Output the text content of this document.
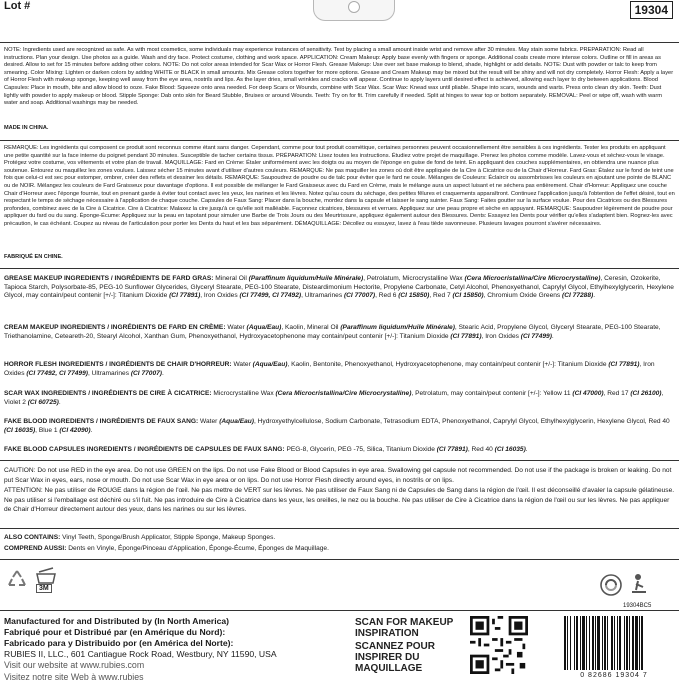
Lot #	19304

NOTE: Ingredients used are recognized as safe. As with most cosmetics, some individuals may experience instances of sensitivity. Test by placing a small amount inside wrist and remove after 30 minutes. May stain some fabrics. PREPARATION: Read all instructions. Plan your design. Use photos as a guide. Wash and dry face. Protect costume, clothing and work space. APPLICATION: Cream Makeup: Apply base evenly with fingers or sponge. Additional coats create more intense colors. Outline or fill in areas as desired. Allow to set for 15 minutes before adding other colors. NOTE: Do not color areas intended for Scar Wax or Horror Flesh. Grease Makeup: Use over set base makeup to blend, shade, highlight or add details. NOTE: Dust with powder or talc to keep from smearing. Color Mixing: Lighten or darken colors by adding WHITE or BLACK in small amounts. Mix Grease colors together for more options. Grease and Cream Makeup may be mixed but the result will be shiny and will not dry completely. Horror Flesh: Apply a layer of Horror Flesh with makeup sponge, keeping well away from the eye area, nostrils and lips. As the layer dries, small wrinkles and cracks will appear. Continue to apply layers until desired effect is achieved, allowing each layer to dry between applications. Blood Capsules: Place in mouth, bite and allow blood to ooze. Fake Blood: Squeeze onto area needed. For deep Scars or Wounds, combine with Scar Wax. Scar Wax: Knead wax until pliable. Shape into scars, wounds and warts. Press onto clean dry skin. Teeth: Dust lightly with powder to apply makeup or blood. Stipple Sponge: Dab onto skin for Beard Stubble, Bruises or around Wounds. Teeth: Try on for fit. Trim carefully if needed. Split at hinges to wear top or bottom separately. REMOVAL: Peel or wipe off, wash with warm water and soap. Additional washings may be needed.

MADE IN CHINA.

REMARQUE: Les ingrédients qui composent ce produit sont reconnus comme étant sans danger. Cependant, comme pour tout produit cosmétique, certaines personnes peuvent occasionnellement être sensibles à ces ingrédients. Tester les produits en appliquant une petite quantité sur la face interne du poignet pendant 30 minutes. Susceptible de tacher certains tissus. PRÉPARATION: Lisez toutes les instructions. Étudiez votre projet de maquillage. Prenez les photos comme modèle. Lavez-vous et séchez-vous le visage. Protégez votre costume, vos vêtements et votre plan de travail. MAQUILLAGE: Fard en Crème: Étaler uniformément avec les doigts ou au moyen de l'éponge en guise de fond de teint. En appliquant des couches supplémentaires, en obtiendra une nuance plus soutenue. Entourez ou maquillez les zones voulues. Laissez sécher 15 minutes avant d'utiliser d'autres couleurs. REMARQUE: Ne pas maquiller les zones où doit être appliquée de la Cire à Cicatrice ou de la Chair d'Horreur. Fard Gras: Étalez sur le fond de teint une fois que celui-ci est sec pour estomper, ombrer, créer des reflets et dessiner les détails. REMARQUE: Saupoudrez de poudre ou de talc pour éviter que le fard ne coule. Mélanges de Couleurs: Éclaircir ou assombrisses les couleurs en ajoutant une pointe de BLANC ou de NOIR. Mélangez les couleurs de Fard Graisseux pour davantage d'options. Il est possible de mélanger le Fard Graisseux avec du Fard en Crème, mais le mélange aura un aspect luisant et ne séchera pas entièrement. Chair d'Horreur: Appliquez une couche Chair d'Horreur avec l'éponge fournie, tout en prenant garde à éviter tout contact avec les yeux, les narines et les lèvres. Notez qu'au cours du séchage, des petites fêlures et craquements apparaîtront. Continuez l'application jusqu'à l'obtention de l'effet désiré, tout en respectant le temps de séchage nécessaire à l'application de chaque couche. Capsules de Faux Sang: Placer dans la bouche, mordez dans la capsule et laisser le sang suinter. Faux Sang: Faites goutter sur la surface voulue. Pour des Cicatrices ou des Blessures profondes, combinez avec de la Cire à Cicatrice. Cire à Cicatrice: Malaxez la cire jusqu'à ce qu'elle soit malléable. Façonnez cicatrices, blessures et verrues. Appliquez sur une peau propre et sèche en appuyant. REMARQUE: Saupoudrer légèrement de poudre pour appliquer du fard ou du sang. Éponge-Écume: Appliquez sur la peau en tapotant pour simuler une Barbe de Trois Jours ou des Meurtrissure, appliquez également autour des Blessures. Dents: Essayez les Dents pour vérifier qu'elles s'adaptent bien. Rognez-les avec précaution, le cas échéant. Coupez au niveau de l'articulation pour porter les Dents du haut et les bas séparément. DÉMAQUILLAGE: Décollez ou essuyez, lavez à l'eau tiède savonneuse. Plusieurs lavages pourront s'avérer nécessaires.

FABRIQUÉ EN CHINE.

GREASE MAKEUP INGREDIENTS / INGRÉDIENTS DE FARD GRAS: Mineral Oil (Paraffinum liquidum/Huile Minérale), Petrolatum, Microcrystalline Wax (Cera Microcristallina/Cire Microcrystalline), Ceresin, Ozokerite, Tapioca Starch, Polysorbate-85, PEG-10 Sunflower Glycerides, Glyceryl Stearate, PEG-100 Stearate, Disteardimonium Hectorite, Propylene Carbonate, Cetyl Alcohol, Phenoxyethanol, Caprylyl Glycol, Ethylhexylglycerin, Hexylene Glycol, may contain/peut contenir [+/-]: Titanium Dioxide (CI 77891), Iron Oxides (CI 77499, CI 77492), Ultramarines (CI 77007), Red 6 (CI 15850), Red 7 (CI 15850), Chromium Oxide Greens (CI 77288).

CREAM MAKEUP INGREDIENTS / INGRÉDIENTS DE FARD EN CRÈME: Water (Aqua/Eau), Kaolin, Mineral Oil (Paraffinum liquidum/Huile Minérale), Stearic Acid, Propylene Glycol, Glyceryl Stearate, PEG-100 Stearate, Triethanolamine, Ceteareth-20, Stearyl Alcohol, Xanthan Gum, Phenoxyethanol, Hydroxyacetophenone may contain/peut contenir [+/-]: Titanium Dioxide (CI 77891), Iron Oxides (CI 77499).

HORROR FLESH INGREDIENTS / INGRÉDIENTS DE CHAIR D'HORREUR: Water (Aqua/Eau), Kaolin, Bentonite, Phenoxyethanol, Hydroxyacetophenone, may contain/peut contenir [+/-]: Titanium Dioxide (CI 77891), Iron Oxides (CI 77492, CI 77499), Ultramarines (CI 77007).

SCAR WAX INGREDIENTS / INGRÉDIENTS DE CIRE À CICATRICE: Microcrystalline Wax (Cera Microcristallina/Cire Microcrystalline), Petrolatum, may contain/peut contenir [+/-]: Yellow 11 (CI 47000), Red 17 (CI 26100), Violet 2 (CI 60725).

FAKE BLOOD INGREDIENTS / INGRÉDIENTS DE FAUX SANG: Water (Aqua/Eau), Hydroxyethylcellulose, Sodium Carbonate, Tetrasodium EDTA, Phenoxyethanol, Caprylyl Glycol, Ethylhexylglycerin, Hexylene Glycol, Red 40 (CI 16035), Blue 1 (CI 42090).

FAKE BLOOD CAPSULES INGREDIENTS / INGRÉDIENTS DE CAPSULES DE FAUX SANG: PEG-8, Glycerin, PEG -75, Silica, Titanium Dioxide (CI 77891), Red 40 (CI 16035).

CAUTION: Do not use RED in the eye area. Do not use GREEN on the lips. Do not use Fake Blood or Blood Capsules in eye area. Swallowing gel capsule not recommended. Do not use if the package is broken or leaking. Do not put Scar Wax in eyes, ears, nose or mouth. Do not use Scar Wax in eye area or on lips. Do not use Horror Flesh directly around eyes, in nostrils or on lips.

ATTENTION: Ne pas utiliser de ROUGE dans la région de l'œil. Ne pas mettre de VERT sur les lèvres. Ne pas utiliser de Faux Sang ni de Capsules de Sang dans la région de l'œil. Il est déconseillé d'avaler la capsule gélatineuse. Ne pas utiliser si l'emballage est déchiré ou s'il fuit. Ne pas introduire de Cire à Cicatrice dans les yeux, les oreilles, le nez ou la bouche. Ne pas utiliser de Cire à Cicatrice dans la région de l'œil ou sur les lèvres. Ne pas appliquer de Chair d'Horreur directement autour des yeux, dans les narines ou sur les lèvres.

ALSO CONTAINS: Vinyl Teeth, Sponge/Brush Applicator, Stipple Sponge, Makeup Sponges.

COMPREND AUSSI: Dents en Vinyle, Éponge/Pinceau d'Application, Éponge-Écume, Éponges de Maquillage.

3M
19304BC5

Manufactured for and Distributed by (In North America)
Fabriqué pour et Distribué par (en Amérique du Nord):
Fabricado para y Distribuido por (en América del Norte):
RUBIES II, LLC., 601 Cantiague Rock Road, Westbury, NY 11590, USA

Visit our website at www.rubies.com
Visitez notre site Web à www.rubies

SCAN FOR MAKEUP INSPIRATION

SCANNEZ POUR INSPIRER DU MAQUILLAGE

0 82686 19304 7
